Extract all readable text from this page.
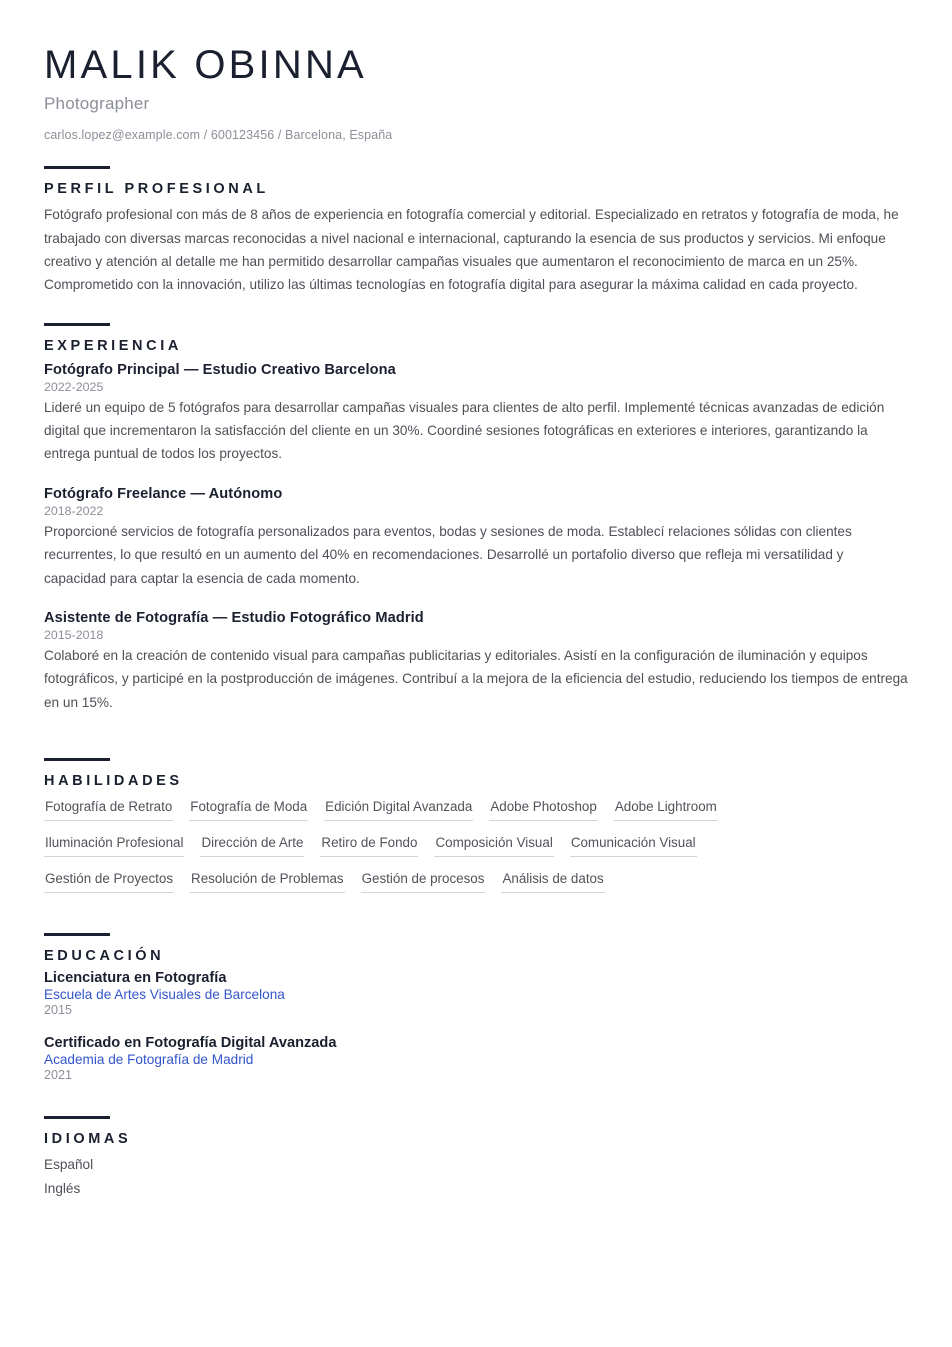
MALIK OBINNA
Photographer
carlos.lopez@example.com / 600123456 / Barcelona, España
PERFIL PROFESIONAL

Fotógrafo profesional con más de 8 años de experiencia en fotografía comercial y editorial. Especializado en retratos y fotografía de moda, he trabajado con diversas marcas reconocidas a nivel nacional e internacional, capturando la esencia de sus productos y servicios. Mi enfoque creativo y atención al detalle me han permitido desarrollar campañas visuales que aumentaron el reconocimiento de marca en un 25%. Comprometido con la innovación, utilizo las últimas tecnologías en fotografía digital para asegurar la máxima calidad en cada proyecto.

EXPERIENCIA
Fotógrafo Principal — Estudio Creativo Barcelona
2022-2025

Lideré un equipo de 5 fotógrafos para desarrollar campañas visuales para clientes de alto perfil. Implementé técnicas avanzadas de edición digital que incrementaron la satisfacción del cliente en un 30%. Coordiné sesiones fotográficas en exteriores e interiores, garantizando la entrega puntual de todos los proyectos.

Fotógrafo Freelance — Autónomo
2018-2022

Proporcioné servicios de fotografía personalizados para eventos, bodas y sesiones de moda. Establecí relaciones sólidas con clientes recurrentes, lo que resultó en un aumento del 40% en recomendaciones. Desarrollé un portafolio diverso que refleja mi versatilidad y capacidad para captar la esencia de cada momento.

Asistente de Fotografía — Estudio Fotográfico Madrid
2015-2018

Colaboré en la creación de contenido visual para campañas publicitarias y editoriales. Asistí en la configuración de iluminación y equipos fotográficos, y participé en la postproducción de imágenes. Contribuí a la mejora de la eficiencia del estudio, reduciendo los tiempos de entrega en un 15%.

HABILIDADES
Fotografía de Retrato Fotografía de Moda Edición Digital Avanzada Adobe Photoshop Adobe Lightroom
Iluminación Profesional Dirección de Arte Retiro de Fondo Composición Visual Comunicación Visual
Gestión de Proyectos Resolución de Problemas Gestión de procesos Análisis de datos
EDUCACIÓN
Licenciatura en Fotografía
Escuela de Artes Visuales de Barcelona
2015
Certificado en Fotografía Digital Avanzada
Academia de Fotografía de Madrid
2021
IDIOMAS
Español
Inglés
